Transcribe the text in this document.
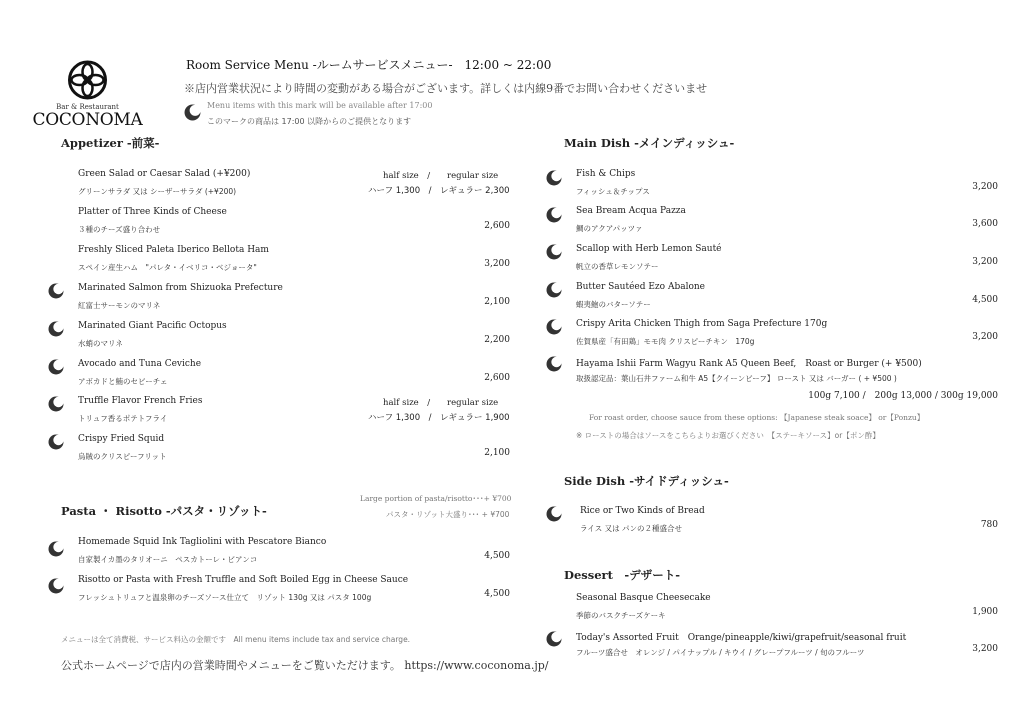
Bar & Restaurant
COCONOMA
Room Service Menu -ルームサービスメニュー-　12:00 ~ 22:00
※店内営業状況により時間の変動がある場合がございます。詳しくは内線9番でお問い合わせくださいませ
Menu items with this mark will be available after 17:00
このマークの商品は 17:00 以降からのご提供となります
Appetizer -前菜-
Green Salad or Caesar Salad (+¥200)
グリーンサラダ 又は シーザーサラダ (+¥200)
half size　/　　regular size
ハーフ 1,300　/　レギュラー 2,300
Platter of Three Kinds of Cheese
３種のチーズ盛り合わせ	2,600
Freshly Sliced Paleta Iberico Bellota Ham
スペイン産生ハム　"パレタ・イベリコ・べジョータ"	3,200
Marinated Salmon from Shizuoka Prefecture
紅富士サーモンのマリネ	2,100
Marinated Giant Pacific Octopus
水蛸のマリネ	2,200
Avocado and Tuna Ceviche
アボカドと鮪のセビーチェ	2,600
Truffle Flavor French Fries
トリュフ香るポテトフライ
half size　/　　regular size
ハーフ 1,300　/　レギュラー 1,900
Crispy Fried Squid
烏賊のクリスピーフリット	2,100
Large portion of pasta/risotto･･･+ ¥700
パスタ・リゾット大盛り･･･ + ¥700
Pasta ・ Risotto -パスタ・リゾット-
Homemade Squid Ink Tagliolini with Pescatore Bianco
自家製イカ墨のタリオーニ　ペスカトーレ・ビアンコ	4,500
Risotto or Pasta with Fresh Truffle and Soft Boiled Egg in Cheese Sauce
フレッシュトリュフと温泉卵のチーズソース仕立て　リゾット 130g 又は パスタ 100g	4,500
メニューは全て消費税、サービス料込の金額です　All menu items include tax and service charge.
公式ホームページで店内の営業時間やメニューをご覧いただけます。 https://www.coconoma.jp/
Main Dish -メインディッシュ-
Fish & Chips
フィッシュ＆チップス	3,200
Sea Bream Acqua Pazza
鯛のアクアパッツァ	3,600
Scallop with Herb Lemon Sauté
帆立の香草レモンソテー	3,200
Butter Sautéed Ezo Abalone
蝦夷鮑のバターソテー	4,500
Crispy Arita Chicken Thigh from Saga Prefecture 170g
佐賀県産「有田鶏」モモ肉 クリスピーチキン　170g	3,200
Hayama Ishii Farm Wagyu Rank A5 Queen Beef,　Roast or Burger (+ ¥500)
取扱認定品：葉山石井ファーム和牛 A5【クイーンビーフ】 ロースト 又は バーガー ( + ¥500 )
100g 7,100 /　200g 13,000 / 300g 19,000
For roast order, choose sauce from these options: 【Japanese steak soace】 or【Ponzu】
※ ローストの場合はソースをこちらよりお選びください　【ステーキソース】or【ポン酢】
Side Dish -サイドディッシュ-
Rice or Two Kinds of Bread
ライス 又は パンの２種盛合せ	780
Dessert　-デザート-
Seasonal Basque Cheesecake
季節のバスクチーズケーキ	1,900
Today's Assorted Fruit　Orange/pineapple/kiwi/grapefruit/seasonal fruit
フルーツ盛合せ　オレンジ / パイナップル / キウイ / グレープフルーツ / 旬のフルーツ	3,200
